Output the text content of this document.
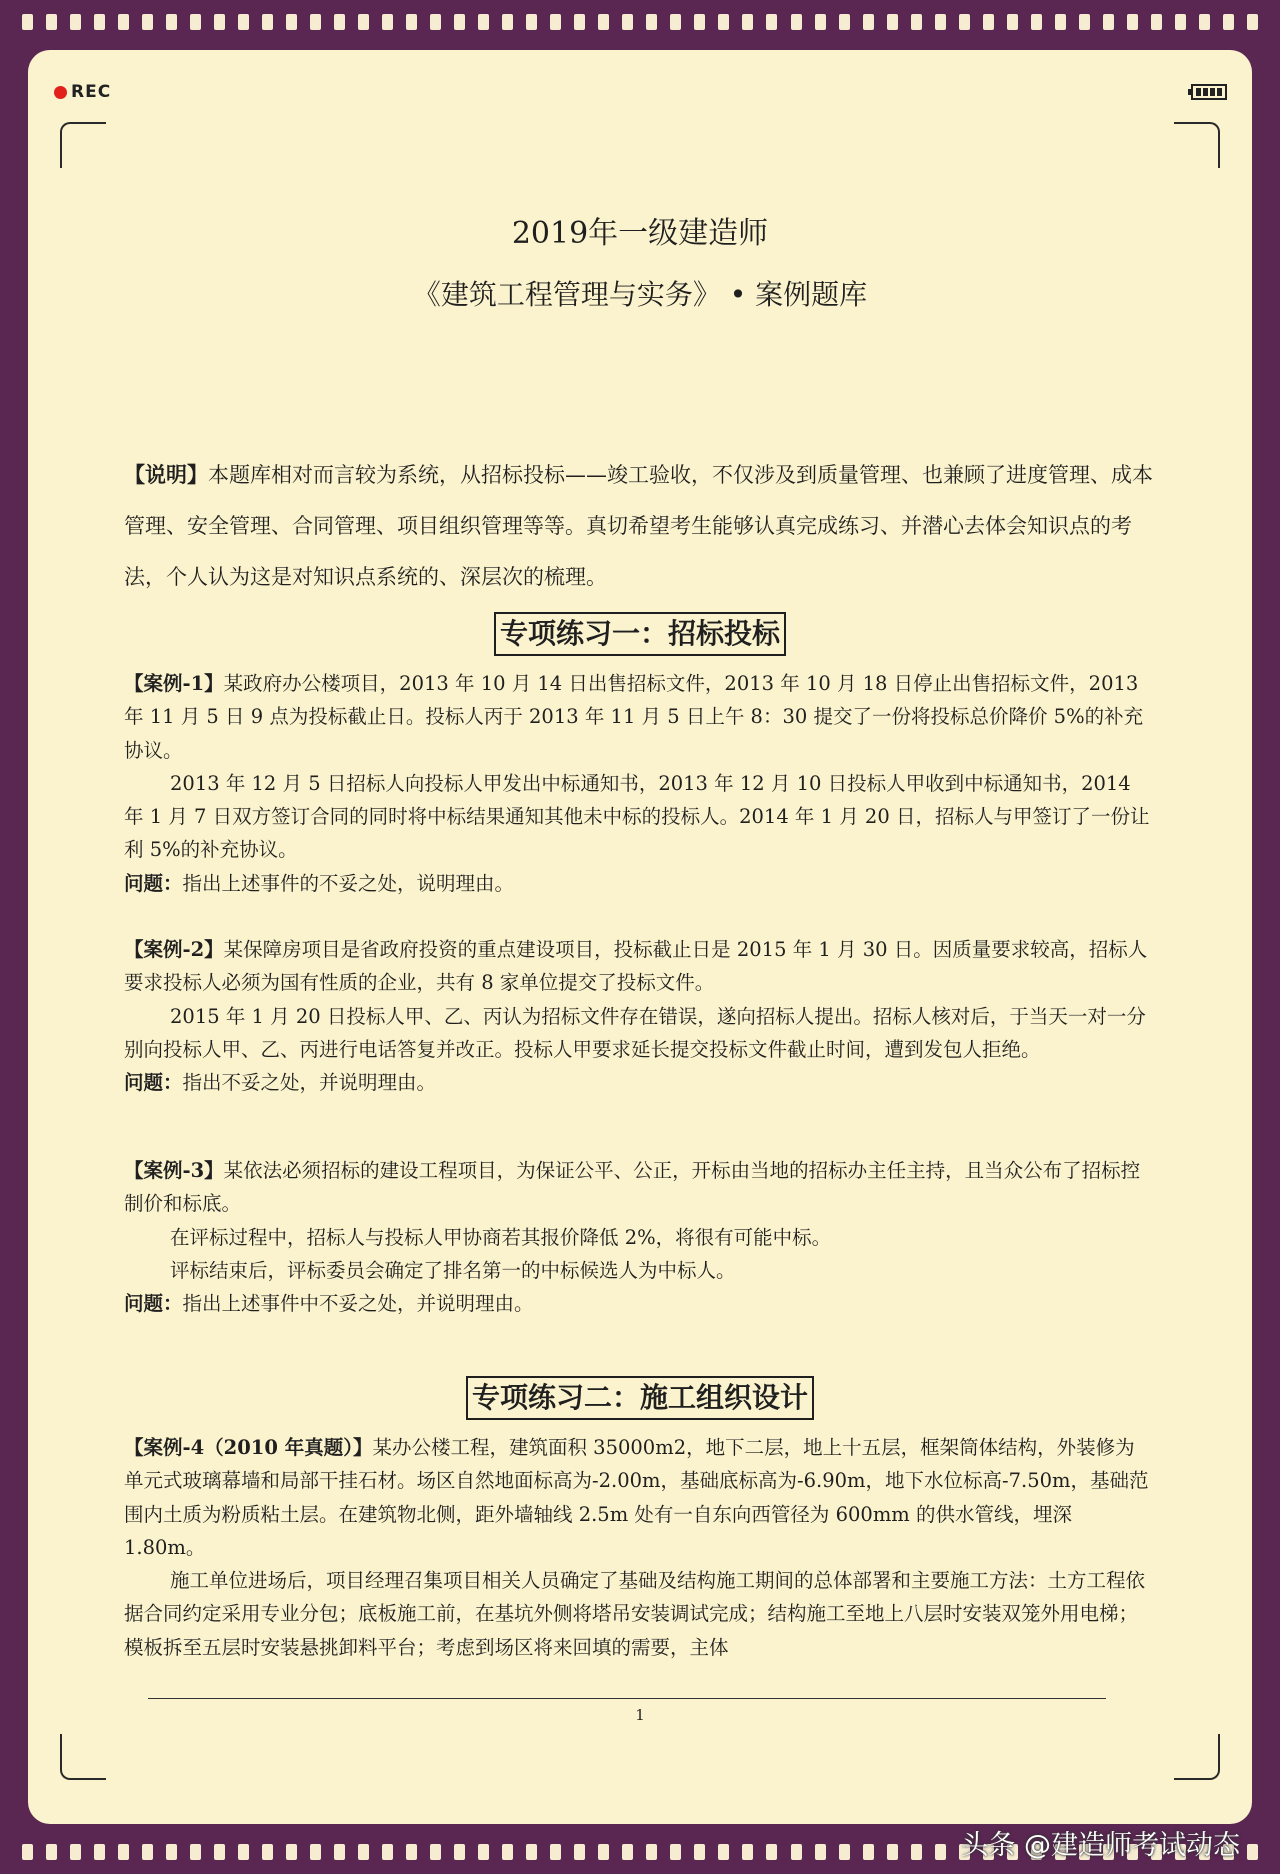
REC
2019年一级建造师
《建筑工程管理与实务》 • 案例题库
【说明】本题库相对而言较为系统，从招标投标——竣工验收，不仅涉及到质量管理、也兼顾了进度管理、成本管理、安全管理、合同管理、项目组织管理等等。真切希望考生能够认真完成练习、并潜心去体会知识点的考法，个人认为这是对知识点系统的、深层次的梳理。
专项练习一：招标投标

【案例-1】某政府办公楼项目，2013 年 10 月 14 日出售招标文件，2013 年 10 月 18 日停止出售招标文件，2013 年 11 月 5 日 9 点为投标截止日。投标人丙于 2013 年 11 月 5 日上午 8：30 提交了一份将投标总价降价 5%的补充协议。

2013 年 12 月 5 日招标人向投标人甲发出中标通知书，2013 年 12 月 10 日投标人甲收到中标通知书，2014 年 1 月 7 日双方签订合同的同时将中标结果通知其他未中标的投标人。2014 年 1 月 20 日，招标人与甲签订了一份让利 5%的补充协议。

问题：指出上述事件的不妥之处，说明理由。

【案例-2】某保障房项目是省政府投资的重点建设项目，投标截止日是 2015 年 1 月 30 日。因质量要求较高，招标人要求投标人必须为国有性质的企业，共有 8 家单位提交了投标文件。

2015 年 1 月 20 日投标人甲、乙、丙认为招标文件存在错误，遂向招标人提出。招标人核对后，于当天一对一分别向投标人甲、乙、丙进行电话答复并改正。投标人甲要求延长提交投标文件截止时间，遭到发包人拒绝。

问题：指出不妥之处，并说明理由。

【案例-3】某依法必须招标的建设工程项目，为保证公平、公正，开标由当地的招标办主任主持，且当众公布了招标控制价和标底。

在评标过程中，招标人与投标人甲协商若其报价降低 2%，将很有可能中标。

评标结束后，评标委员会确定了排名第一的中标候选人为中标人。

问题：指出上述事件中不妥之处，并说明理由。

专项练习二：施工组织设计

【案例-4（2010 年真题）】某办公楼工程，建筑面积 35000m2，地下二层，地上十五层，框架筒体结构，外装修为单元式玻璃幕墙和局部干挂石材。场区自然地面标高为-2.00m，基础底标高为-6.90m，地下水位标高-7.50m，基础范围内土质为粉质粘土层。在建筑物北侧，距外墙轴线 2.5m 处有一自东向西管径为 600mm 的供水管线，埋深 1.80m。

施工单位进场后，项目经理召集项目相关人员确定了基础及结构施工期间的总体部署和主要施工方法：土方工程依据合同约定采用专业分包；底板施工前，在基坑外侧将塔吊安装调试完成；结构施工至地上八层时安装双笼外用电梯；模板拆至五层时安装悬挑卸料平台；考虑到场区将来回填的需要，主体

1
头条 @建造师考试动态
